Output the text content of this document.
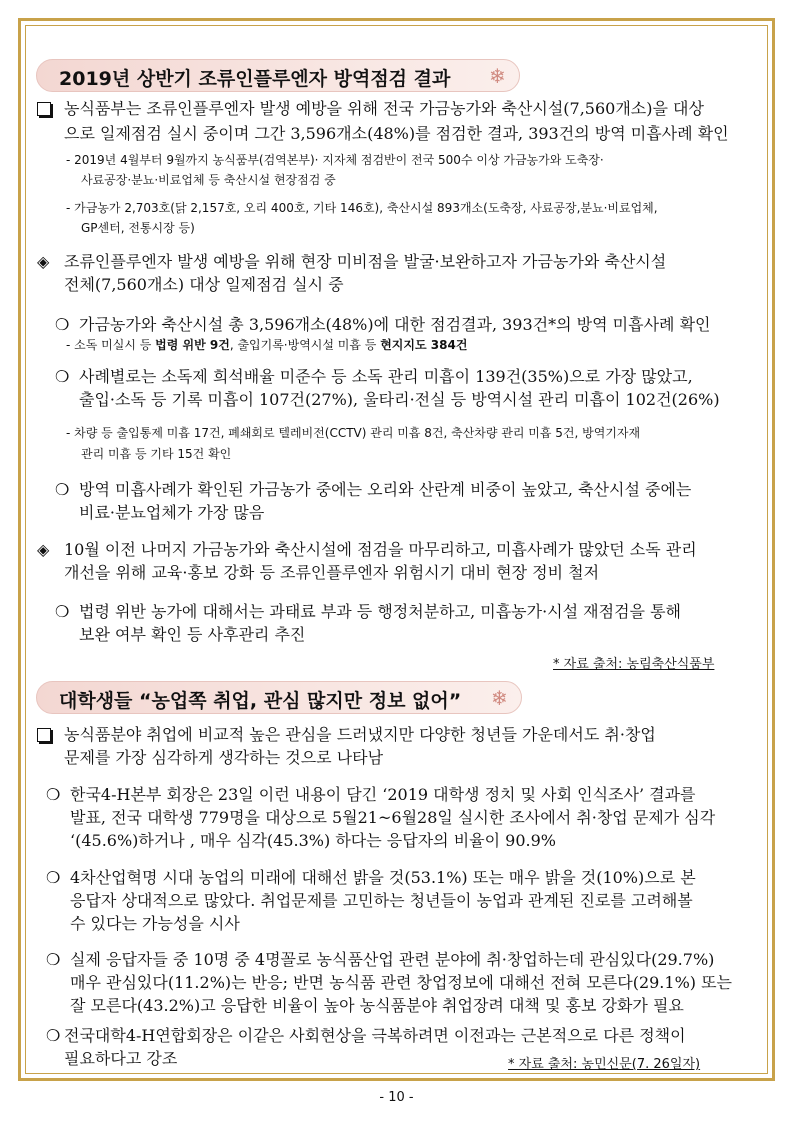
2019년 상반기 조류인플루엔자 방역점검 결과 ❄
농식품부는 조류인플루엔자 발생 예방을 위해 전국 가금농가와 축산시설(7,560개소)을 대상
으로 일제점검 실시 중이며 그간 3,596개소(48%)를 점검한 결과, 393건의 방역 미흡사례 확인
- 2019년 4월부터 9월까지 농식품부(검역본부)· 지자체 점검반이 전국 500수 이상 가금농가와 도축장·
사료공장·분뇨·비료업체 등 축산시설 현장점검 중
- 가금농가 2,703호(닭 2,157호, 오리 400호, 기타 146호), 축산시설 893개소(도축장, 사료공장,분뇨·비료업체,
GP센터, 전통시장 등)
◈ 조류인플루엔자 발생 예방을 위해 현장 미비점을 발굴·보완하고자 가금농가와 축산시설
전체(7,560개소) 대상 일제점검 실시 중
❍ 가금농가와 축산시설 총 3,596개소(48%)에 대한 점검결과, 393건*의 방역 미흡사례 확인
- 소독 미실시 등 법령 위반 9건, 출입기록·방역시설 미흡 등 현지지도 384건
❍ 사례별로는 소독제 희석배율 미준수 등 소독 관리 미흡이 139건(35%)으로 가장 많았고,
출입·소독 등 기록 미흡이 107건(27%), 울타리·전실 등 방역시설 관리 미흡이 102건(26%)
- 차량 등 출입통제 미흡 17건, 폐쇄회로 텔레비전(CCTV) 관리 미흡 8건, 축산차량 관리 미흡 5건, 방역기자재
관리 미흡 등 기타 15건 확인
❍ 방역 미흡사례가 확인된 가금농가 중에는 오리와 산란계 비중이 높았고, 축산시설 중에는
비료·분뇨업체가 가장 많음
◈ 10월 이전 나머지 가금농가와 축산시설에 점검을 마무리하고, 미흡사례가 많았던 소독 관리
개선을 위해 교육·홍보 강화 등 조류인플루엔자 위험시기 대비 현장 정비 철저
❍ 법령 위반 농가에 대해서는 과태료 부과 등 행정처분하고, 미흡농가·시설 재점검을 통해
보완 여부 확인 등 사후관리 추진
* 자료 출처: 농림축산식품부
대학생들 “농업쪽 취업, 관심 많지만 정보 없어” ❄
농식품분야 취업에 비교적 높은 관심을 드러냈지만 다양한 청년들 가운데서도 취·창업
문제를 가장 심각하게 생각하는 것으로 나타남
❍ 한국4-H본부 회장은 23일 이런 내용이 담긴 ‘2019 대학생 정치 및 사회 인식조사’ 결과를
발표, 전국 대학생 779명을 대상으로 5월21~6월28일 실시한 조사에서 취·창업 문제가 심각
‘(45.6%)하거나 , 매우 심각(45.3%) 하다는 응답자의 비율이 90.9%
❍ 4차산업혁명 시대 농업의 미래에 대해선 밝을 것(53.1%) 또는 매우 밝을 것(10%)으로 본
응답자 상대적으로 많았다. 취업문제를 고민하는 청년들이 농업과 관계된 진로를 고려해볼
수 있다는 가능성을 시사
❍ 실제 응답자들 중 10명 중 4명꼴로 농식품산업 관련 분야에 취·창업하는데 관심있다(29.7%)
매우 관심있다(11.2%)는 반응; 반면 농식품 관련 창업정보에 대해선 전혀 모른다(29.1%) 또는
잘 모른다(43.2%)고 응답한 비율이 높아 농식품분야 취업장려 대책 및 홍보 강화가 필요
❍ 전국대학4-H연합회장은 이같은 사회현상을 극복하려면 이전과는 근본적으로 다른 정책이
필요하다고 강조	* 자료 출처: 농민신문(7. 26일자)
- 10 -
